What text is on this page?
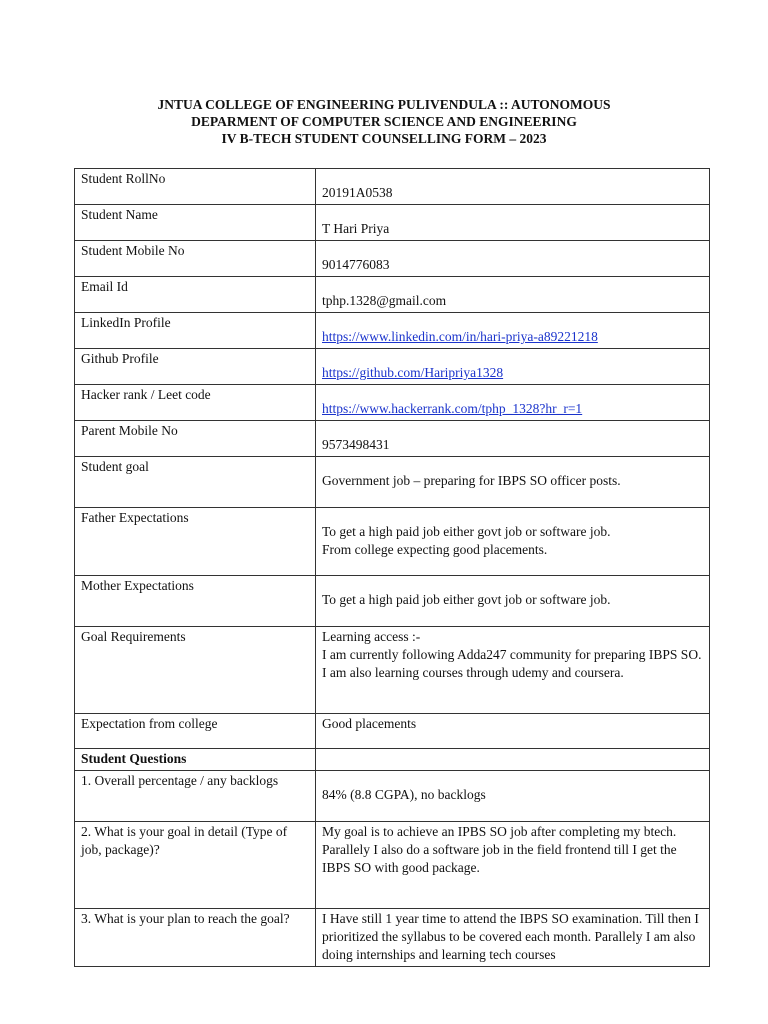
JNTUA COLLEGE OF ENGINEERING PULIVENDULA :: AUTONOMOUS
DEPARMENT OF COMPUTER SCIENCE AND ENGINEERING
IV B-TECH STUDENT COUNSELLING FORM – 2023
Student RollNo	20191A0538

Student Name	T Hari Priya

Student Mobile No	9014776083

Email Id	tphp.1328@gmail.com

LinkedIn Profile	https://www.linkedin.com/in/hari-priya-a89221218

Github Profile	https://github.com/Haripriya1328

Hacker rank / Leet code	https://www.hackerrank.com/tphp_1328?hr_r=1

Parent Mobile No	9573498431

Student goal	Government job – preparing for IBPS SO officer posts.

Father Expectations	To get a high paid job either govt job or software job.
From college expecting good placements.

Mother Expectations	To get a high paid job either govt job or software job.

Goal Requirements	Learning access :-
I am currently following Adda247 community for preparing IBPS SO.
I am also learning courses through udemy and coursera.

Expectation from college	Good placements
Student Questions	
1. Overall percentage / any backlogs	84% (8.8 CGPA), no backlogs

2. What is your goal in detail (Type of job, package)?	My goal is to achieve an IPBS SO job after completing my btech. Parallely I also do a software job in the field frontend till I get the IBPS SO with good package.
3. What is your plan to reach the goal?	I Have still 1 year time to attend the IBPS SO examination. Till then I prioritized the syllabus to be covered each month. Parallely I am also doing internships and learning tech courses
